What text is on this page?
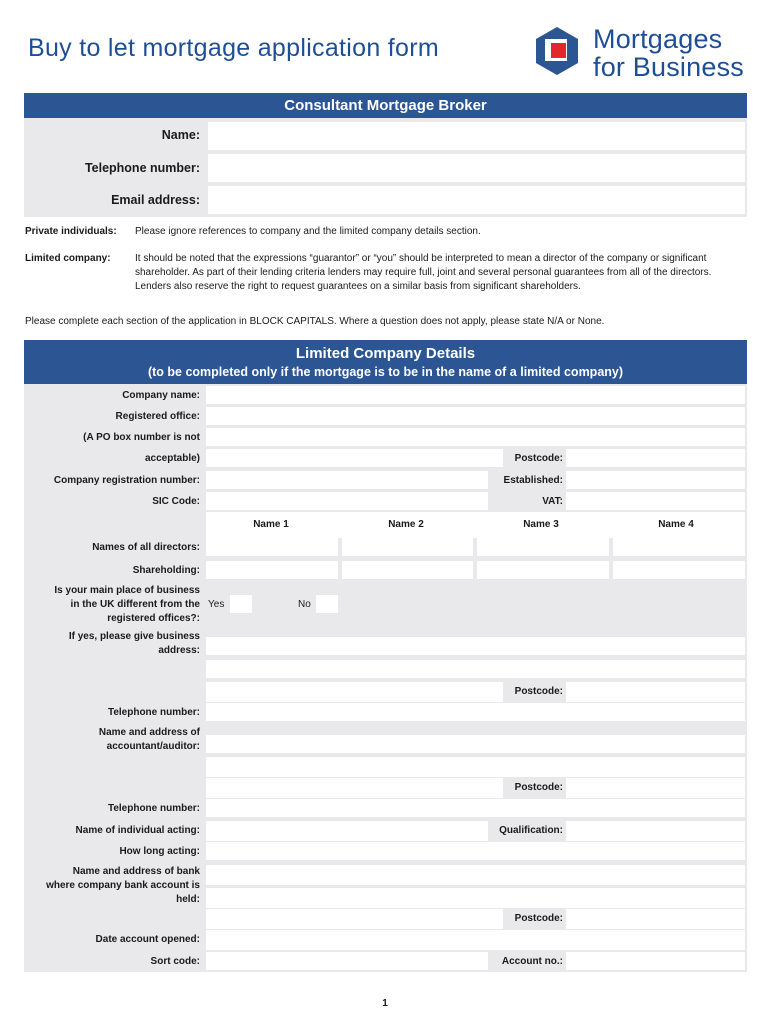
Buy to let mortgage application form	Mortgages
for Business
Consultant Mortgage Broker
Name:
Telephone number:
Email address:
Private individuals: Please ignore references to company and the limited company details section.
Limited company: It should be noted that the expressions “guarantor” or “you” should be interpreted to mean a director of the company or significant shareholder. As part of their lending criteria lenders may require full, joint and several personal guarantees from all of the directors. Lenders also reserve the right to request guarantees on a similar basis from significant shareholders.
Please complete each section of the application in BLOCK CAPITALS. Where a question does not apply, please state N/A or None.
Limited Company Details
(to be completed only if the mortgage is to be in the name of a limited company)
Company name:
Registered office:
(A PO box number is not
acceptable)	Postcode:
Company registration number:	Established:
SIC Code:	VAT:
Name 1	Name 2	Name 3	Name 4
Names of all directors:
Shareholding:
Is your main place of business
in the UK different from the
registered offices?:
Yes	No
If yes, please give business
address:
Postcode:
Telephone number:
Name and address of
accountant/auditor:
Postcode:
Telephone number:
Name of individual acting:	Qualification:
How long acting:
Name and address of bank
where company bank account is
held:
Postcode:
Date account opened:
Sort code:	Account no.:
1
